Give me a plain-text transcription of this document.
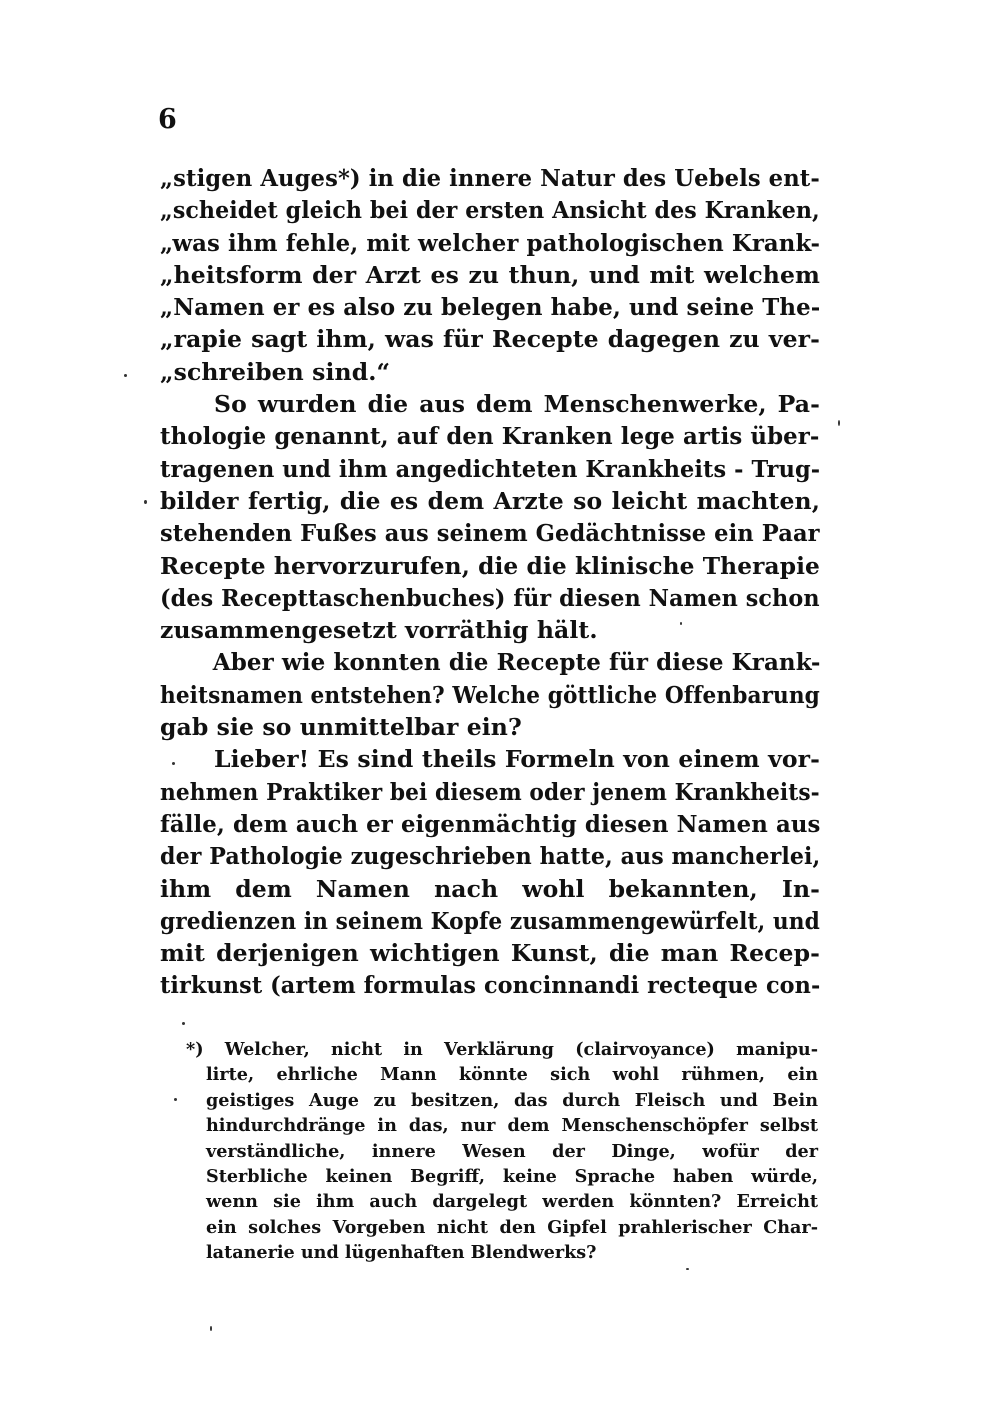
6
„stigen Auges*) in die innere Natur des Uebels ent-
„scheidet gleich bei der ersten Ansicht des Kranken,
„was ihm fehle, mit welcher pathologischen Krank-
„heitsform der Arzt es zu thun, und mit welchem
„Namen er es also zu belegen habe, und seine The-
„rapie sagt ihm, was für Recepte dagegen zu ver-
„schreiben sind.“
So wurden die aus dem Menschenwerke, Pa-
thologie genannt, auf den Kranken lege artis über-
tragenen und ihm angedichteten Krankheits - Trug-
bilder fertig, die es dem Arzte so leicht machten,
stehenden Fußes aus seinem Gedächtnisse ein Paar
Recepte hervorzurufen, die die klinische Therapie
(des Recepttaschenbuches) für diesen Namen schon
zusammengesetzt vorräthig hält.
Aber wie konnten die Recepte für diese Krank-
heitsnamen entstehen? Welche göttliche Offenbarung
gab sie so unmittelbar ein?
Lieber! Es sind theils Formeln von einem vor-
nehmen Praktiker bei diesem oder jenem Krankheits-
fälle, dem auch er eigenmächtig diesen Namen aus
der Pathologie zugeschrieben hatte, aus mancherlei,
ihm dem Namen nach wohl bekannten, In-
gredienzen in seinem Kopfe zusammengewürfelt, und
mit derjenigen wichtigen Kunst, die man Recep-
tirkunst (artem formulas concinnandi recteque con-
*) Welcher, nicht in Verklärung (clairvoyance) manipu-
lirte, ehrliche Mann könnte sich wohl rühmen, ein
geistiges Auge zu besitzen, das durch Fleisch und Bein
hindurchdränge in das, nur dem Menschenschöpfer selbst
verständliche, innere Wesen der Dinge, wofür der
Sterbliche keinen Begriff, keine Sprache haben würde,
wenn sie ihm auch dargelegt werden könnten? Erreicht
ein solches Vorgeben nicht den Gipfel prahlerischer Char-
latanerie und lügenhaften Blendwerks?
